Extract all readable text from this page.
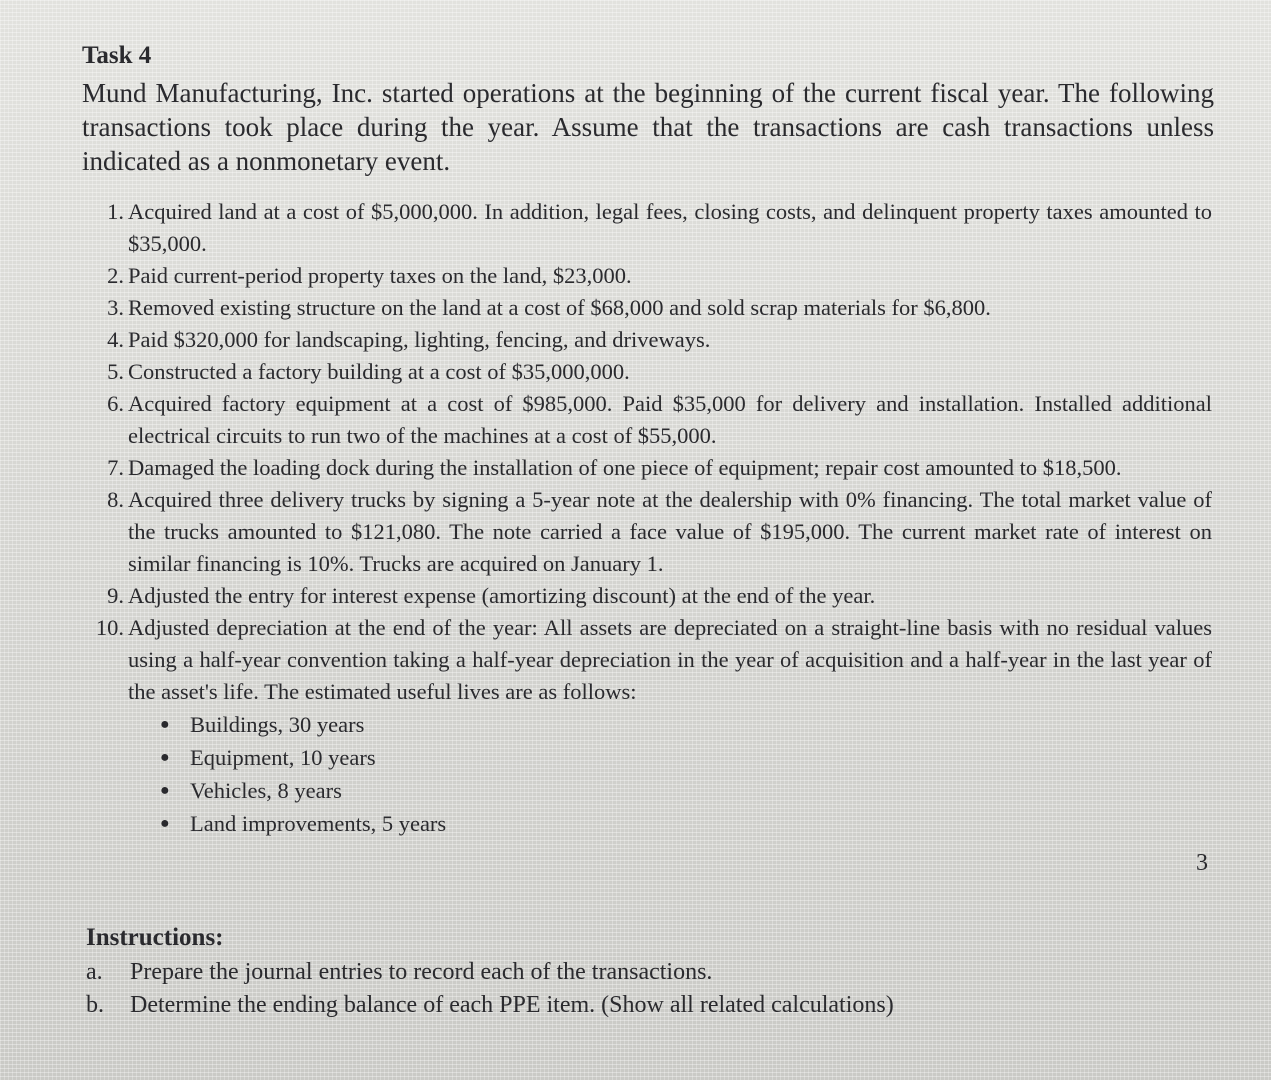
Task 4

Mund Manufacturing, Inc. started operations at the beginning of the current fiscal year. The following transactions took place during the year. Assume that the transactions are cash transactions unless indicated as a nonmonetary event.

1. Acquired land at a cost of $5,000,000. In addition, legal fees, closing costs, and delinquent property taxes amounted to $35,000.
2. Paid current-period property taxes on the land, $23,000.
3. Removed existing structure on the land at a cost of $68,000 and sold scrap materials for $6,800.
4. Paid $320,000 for landscaping, lighting, fencing, and driveways.
5. Constructed a factory building at a cost of $35,000,000.
6. Acquired factory equipment at a cost of $985,000. Paid $35,000 for delivery and installation. Installed additional electrical circuits to run two of the machines at a cost of $55,000.
7. Damaged the loading dock during the installation of one piece of equipment; repair cost amounted to $18,500.
8. Acquired three delivery trucks by signing a 5-year note at the dealership with 0% financing. The total market value of the trucks amounted to $121,080. The note carried a face value of $195,000. The current market rate of interest on similar financing is 10%. Trucks are acquired on January 1.
9. Adjusted the entry for interest expense (amortizing discount) at the end of the year.
10. Adjusted depreciation at the end of the year: All assets are depreciated on a straight-line basis with no residual values using a half-year convention taking a half-year depreciation in the year of acquisition and a half-year in the last year of the asset's life. The estimated useful lives are as follows:
● Buildings, 30 years
● Equipment, 10 years
● Vehicles, 8 years
● Land improvements, 5 years

3

Instructions:
a.	Prepare the journal entries to record each of the transactions.
b.	Determine the ending balance of each PPE item. (Show all related calculations)
